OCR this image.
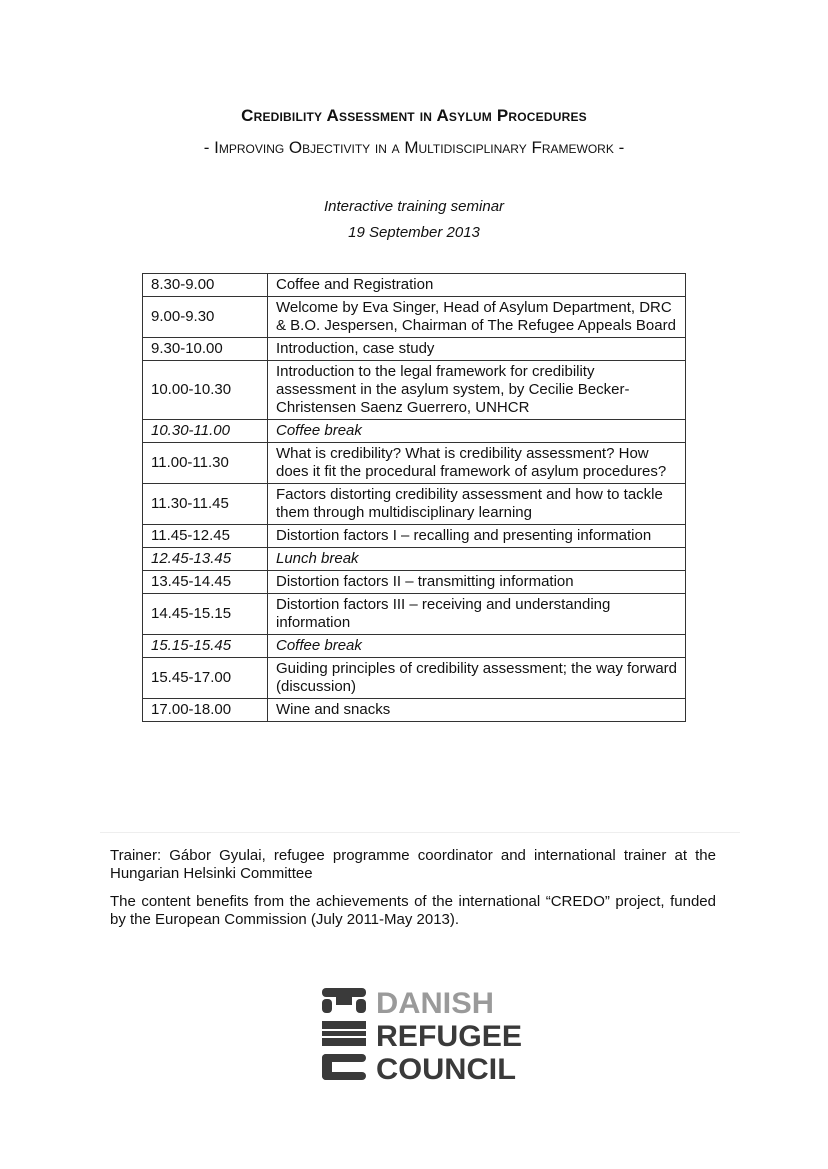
Credibility Assessment in Asylum Procedures
- Improving Objectivity in a Multidisciplinary Framework -
Interactive training seminar
19 September 2013
8.30-9.00	Coffee and Registration
9.00-9.30	Welcome by Eva Singer, Head of Asylum Department, DRC & B.O. Jespersen, Chairman of The Refugee Appeals Board
9.30-10.00	Introduction, case study
10.00-10.30	Introduction to the legal framework for credibility assessment in the asylum system, by Cecilie Becker-Christensen Saenz Guerrero, UNHCR
10.30-11.00	Coffee break
11.00-11.30	What is credibility? What is credibility assessment? How does it fit the procedural framework of asylum procedures?
11.30-11.45	Factors distorting credibility assessment and how to tackle them through multidisciplinary learning
11.45-12.45	Distortion factors I – recalling and presenting information
12.45-13.45	Lunch break
13.45-14.45	Distortion factors II – transmitting information
14.45-15.15	Distortion factors III – receiving and understanding information
15.15-15.45	Coffee break
15.45-17.00	Guiding principles of credibility assessment; the way forward (discussion)
17.00-18.00	Wine and snacks
Trainer: Gábor Gyulai, refugee programme coordinator and international trainer at the Hungarian Helsinki Committee
The content benefits from the achievements of the international “CREDO” project, funded by the European Commission (July 2011-May 2013).
DANISH
REFUGEE
COUNCIL
